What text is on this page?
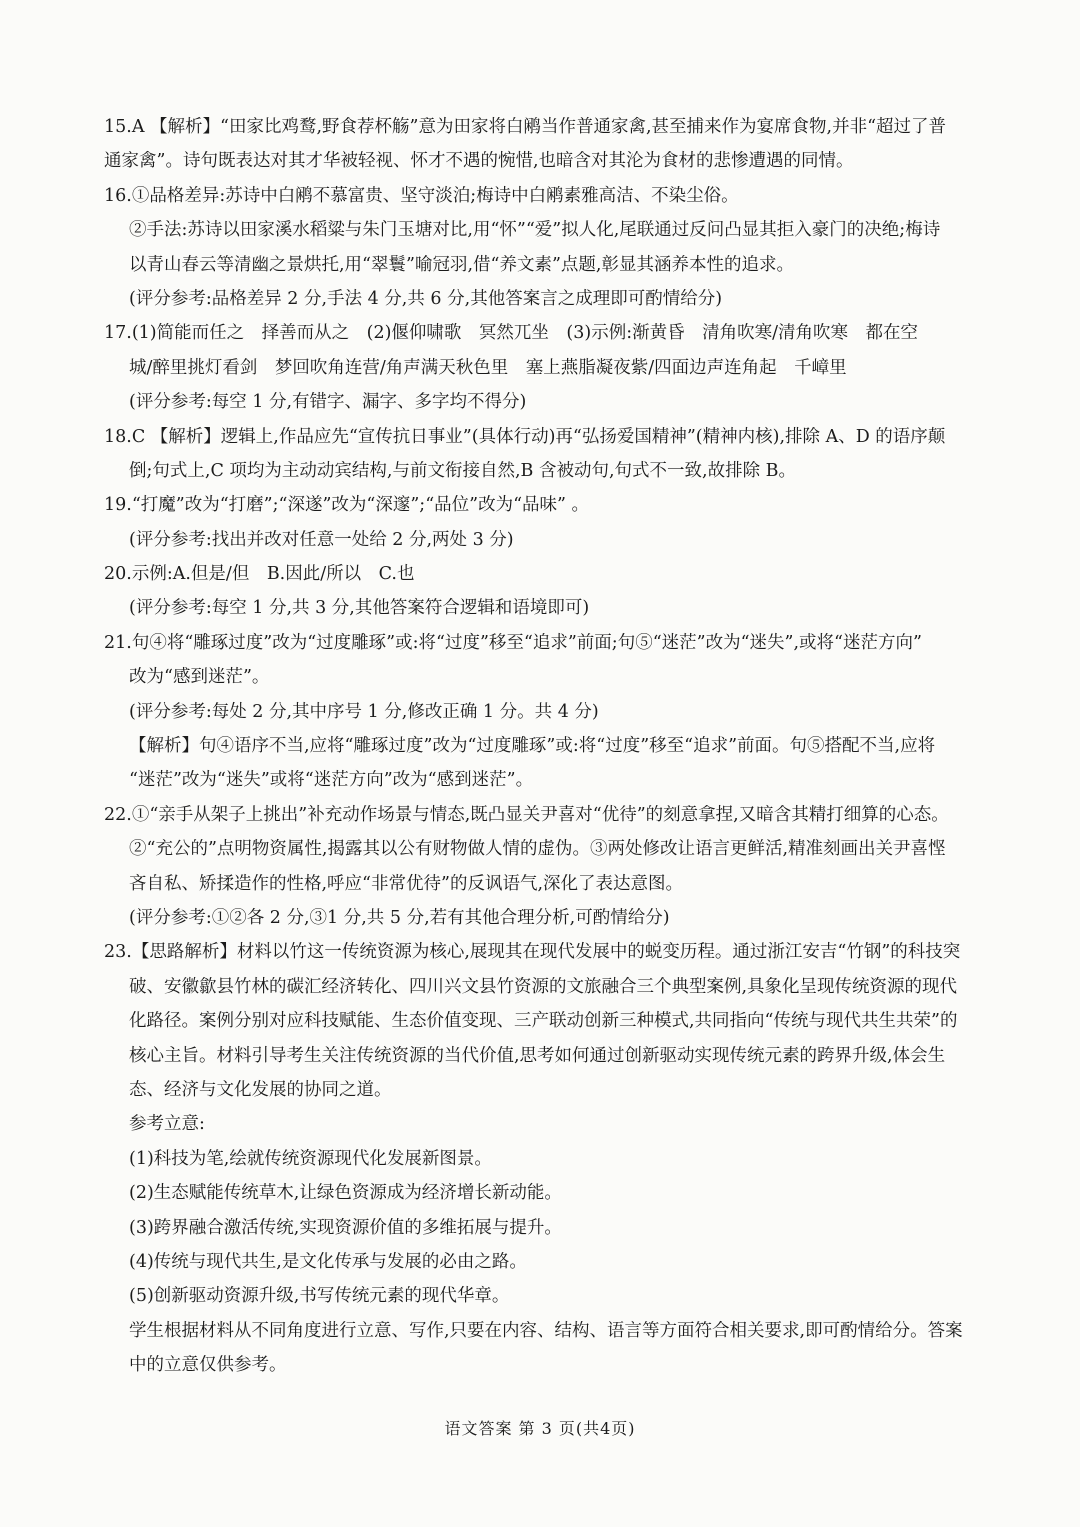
15.A 【解析】“田家比鸡鹜,野食荐杯觞”意为田家将白鹇当作普通家禽,甚至捕来作为宴席食物,并非“超过了普
通家禽”。诗句既表达对其才华被轻视、怀才不遇的惋惜,也暗含对其沦为食材的悲惨遭遇的同情。
16.①品格差异:苏诗中白鹇不慕富贵、坚守淡泊;梅诗中白鹇素雅高洁、不染尘俗。
②手法:苏诗以田家溪水稻粱与朱门玉塘对比,用“怀”“爱”拟人化,尾联通过反问凸显其拒入豪门的决绝;梅诗
以青山春云等清幽之景烘托,用“翠鬟”喻冠羽,借“养文素”点题,彰显其涵养本性的追求。
(评分参考:品格差异 2 分,手法 4 分,共 6 分,其他答案言之成理即可酌情给分)
17.(1)简能而任之　择善而从之　(2)偃仰啸歌　冥然兀坐　(3)示例:渐黄昏　清角吹寒/清角吹寒　都在空
城/醉里挑灯看剑　梦回吹角连营/角声满天秋色里　塞上燕脂凝夜紫/四面边声连角起　千嶂里
(评分参考:每空 1 分,有错字、漏字、多字均不得分)
18.C 【解析】逻辑上,作品应先“宣传抗日事业”(具体行动)再“弘扬爱国精神”(精神内核),排除 A、D 的语序颠
倒;句式上,C 项均为主动动宾结构,与前文衔接自然,B 含被动句,句式不一致,故排除 B。
19.“打魔”改为“打磨”;“深遂”改为“深邃”;“品位”改为“品味” 。
(评分参考:找出并改对任意一处给 2 分,两处 3 分)
20.示例:A.但是/但　B.因此/所以　C.也
(评分参考:每空 1 分,共 3 分,其他答案符合逻辑和语境即可)
21.句④将“雕琢过度”改为“过度雕琢”或:将“过度”移至“追求”前面;句⑤“迷茫”改为“迷失”,或将“迷茫方向”
改为“感到迷茫”。
(评分参考:每处 2 分,其中序号 1 分,修改正确 1 分。共 4 分)
【解析】句④语序不当,应将“雕琢过度”改为“过度雕琢”或:将“过度”移至“追求”前面。句⑤搭配不当,应将
“迷茫”改为“迷失”或将“迷茫方向”改为“感到迷茫”。
22.①“亲手从架子上挑出”补充动作场景与情态,既凸显关尹喜对“优待”的刻意拿捏,又暗含其精打细算的心态。
②“充公的”点明物资属性,揭露其以公有财物做人情的虚伪。③两处修改让语言更鲜活,精准刻画出关尹喜悭
吝自私、矫揉造作的性格,呼应“非常优待”的反讽语气,深化了表达意图。
(评分参考:①②各 2 分,③1 分,共 5 分,若有其他合理分析,可酌情给分)
23.【思路解析】材料以竹这一传统资源为核心,展现其在现代发展中的蜕变历程。通过浙江安吉“竹钢”的科技突
破、安徽歙县竹林的碳汇经济转化、四川兴文县竹资源的文旅融合三个典型案例,具象化呈现传统资源的现代
化路径。案例分别对应科技赋能、生态价值变现、三产联动创新三种模式,共同指向“传统与现代共生共荣”的
核心主旨。材料引导考生关注传统资源的当代价值,思考如何通过创新驱动实现传统元素的跨界升级,体会生
态、经济与文化发展的协同之道。
参考立意:
(1)科技为笔,绘就传统资源现代化发展新图景。
(2)生态赋能传统草木,让绿色资源成为经济增长新动能。
(3)跨界融合激活传统,实现资源价值的多维拓展与提升。
(4)传统与现代共生,是文化传承与发展的必由之路。
(5)创新驱动资源升级,书写传统元素的现代华章。
学生根据材料从不同角度进行立意、写作,只要在内容、结构、语言等方面符合相关要求,即可酌情给分。答案
中的立意仅供参考。
语文答案 第 3 页(共4页)
